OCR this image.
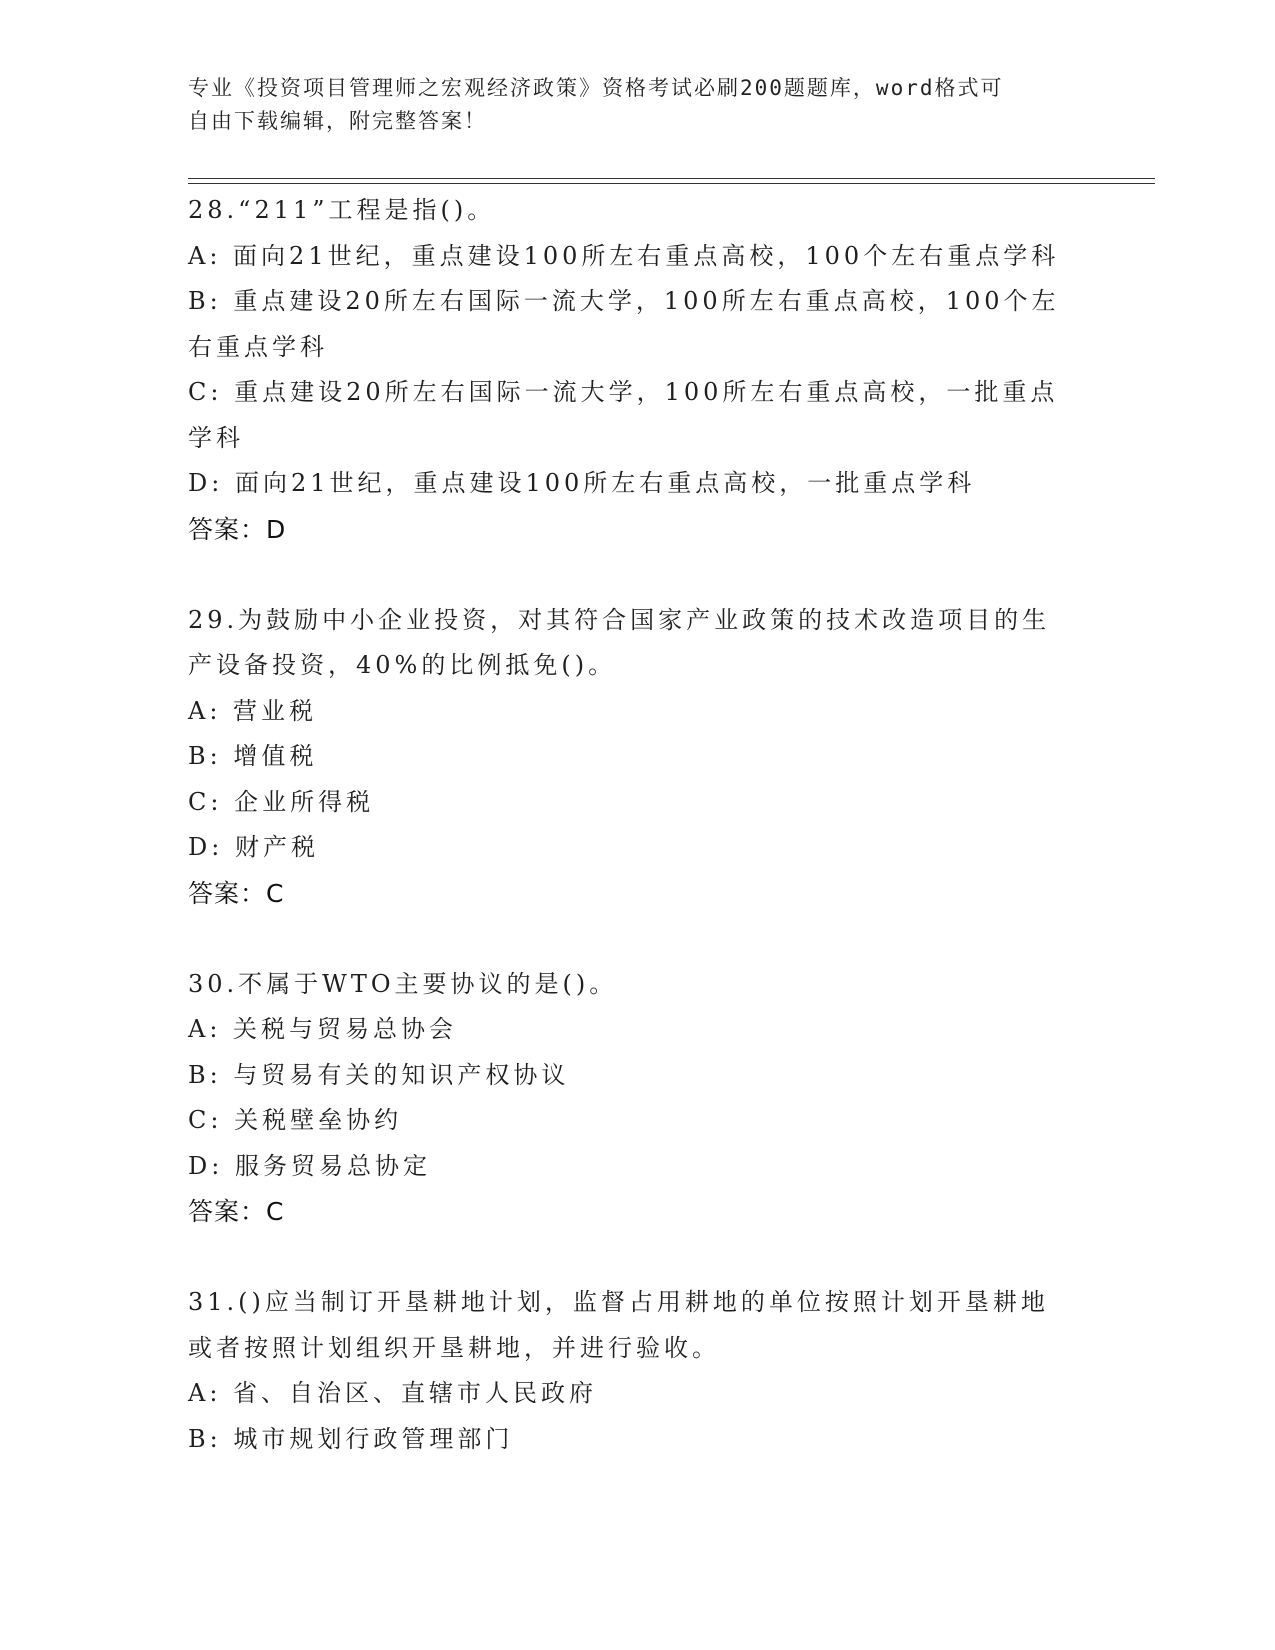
专业《投资项目管理师之宏观经济政策》资格考试必刷200题题库，word格式可
自由下载编辑，附完整答案！
28.“211”工程是指()。
A: 面向21世纪，重点建设100所左右重点高校，100个左右重点学科
B: 重点建设20所左右国际一流大学，100所左右重点高校，100个左
右重点学科
C: 重点建设20所左右国际一流大学，100所左右重点高校，一批重点
学科
D: 面向21世纪，重点建设100所左右重点高校，一批重点学科
答案：D
29.为鼓励中小企业投资，对其符合国家产业政策的技术改造项目的生
产设备投资，40%的比例抵免()。
A: 营业税
B: 增值税
C: 企业所得税
D: 财产税
答案：C
30.不属于WTO主要协议的是()。
A: 关税与贸易总协会
B: 与贸易有关的知识产权协议
C: 关税壁垒协约
D: 服务贸易总协定
答案：C
31.()应当制订开垦耕地计划，监督占用耕地的单位按照计划开垦耕地
或者按照计划组织开垦耕地，并进行验收。
A: 省、自治区、直辖市人民政府
B: 城市规划行政管理部门
